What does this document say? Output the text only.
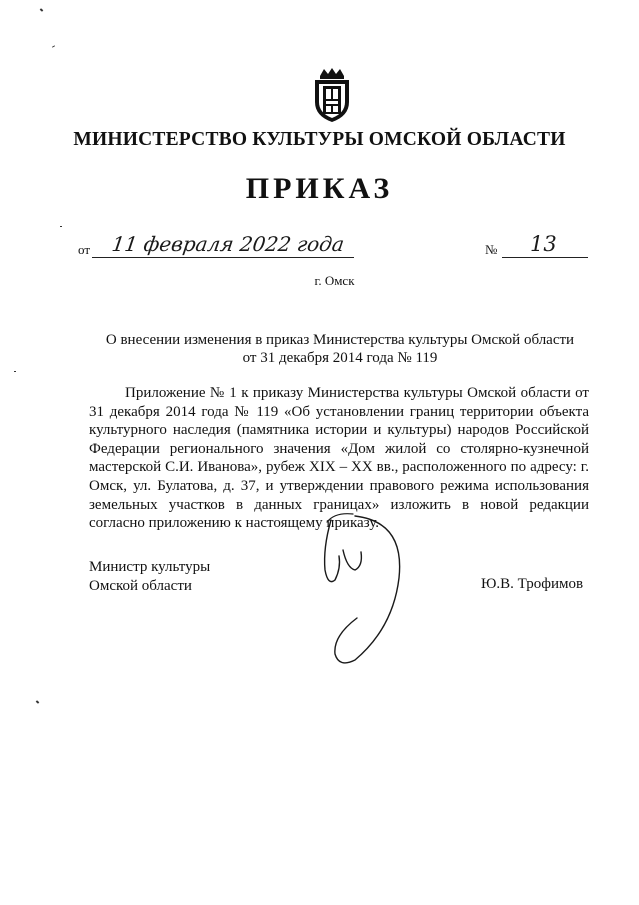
МИНИСТЕРСТВО КУЛЬТУРЫ ОМСКОЙ ОБЛАСТИ
ПРИКАЗ
от 11 февраля 2022 года	№ 13
г. Омск
О внесении изменения в приказ Министерства культуры Омской области
от 31 декабря 2014 года № 119
Приложение № 1 к приказу Министерства культуры Омской области от 31 декабря 2014 года № 119 «Об установлении границ территории объекта культурного наследия (памятника истории и культуры) народов Российской Федерации регионального значения «Дом жилой со столярно-кузнечной мастерской С.И. Иванова», рубеж XIX – XX вв., расположенного по адресу: г. Омск, ул. Булатова, д. 37, и утверждении правового режима использования земельных участков в данных границах» изложить в новой редакции согласно приложению к настоящему приказу.
Министр культуры
Омской области	Ю.В. Трофимов
